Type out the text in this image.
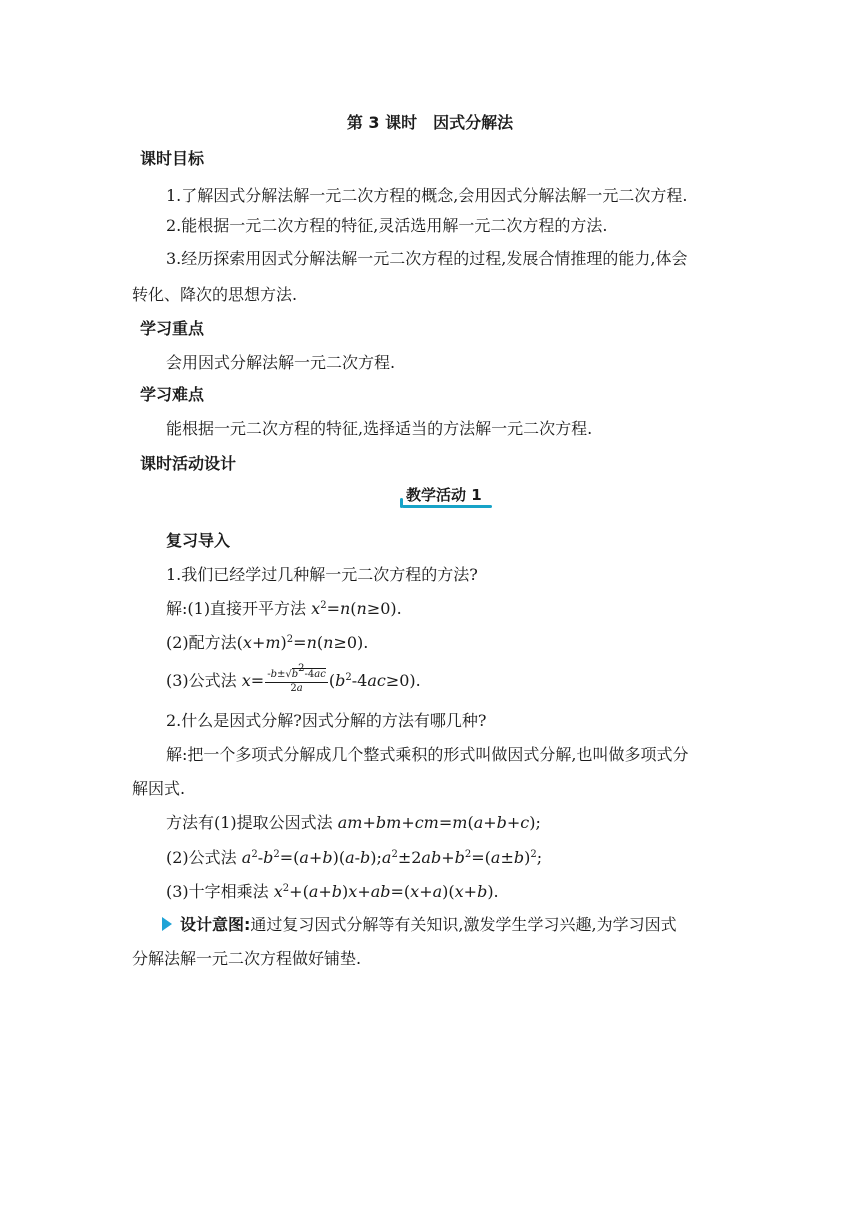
第 3 课时　因式分解法
课时目标
1.了解因式分解法解一元二次方程的概念,会用因式分解法解一元二次方程.
2.能根据一元二次方程的特征,灵活选用解一元二次方程的方法.
3.经历探索用因式分解法解一元二次方程的过程,发展合情推理的能力,体会
转化、降次的思想方法.
学习重点
会用因式分解法解一元二次方程.
学习难点
能根据一元二次方程的特征,选择适当的方法解一元二次方程.
课时活动设计
教学活动 1
复习导入
1.我们已经学过几种解一元二次方程的方法?
解:(1)直接开平方法 $x^2=n(n\ge 0)$.
(2)配方法$(x+m)^2=n(n\ge 0)$.
(3)公式法 $x= \frac{-b\pm√b^2-4ac}{2a} (b^2-4ac\ge 0)$.
2.什么是因式分解?因式分解的方法有哪几种?
解:把一个多项式分解成几个整式乘积的形式叫做因式分解,也叫做多项式分
解因式.
方法有(1)提取公因式法 am+bm+cm=m(a+b+c);
(2)公式法 $a^2-b^2=(a+b)(a-b);a^2\pm 2ab+b^2=(a\pm b)^2$;
(3)十字相乘法 $x^2+(a+b)x+ab=(x+a)(x+b)$.
设计意图:通过复习因式分解等有关知识,激发学生学习兴趣,为学习因式
分解法解一元二次方程做好铺垫.
